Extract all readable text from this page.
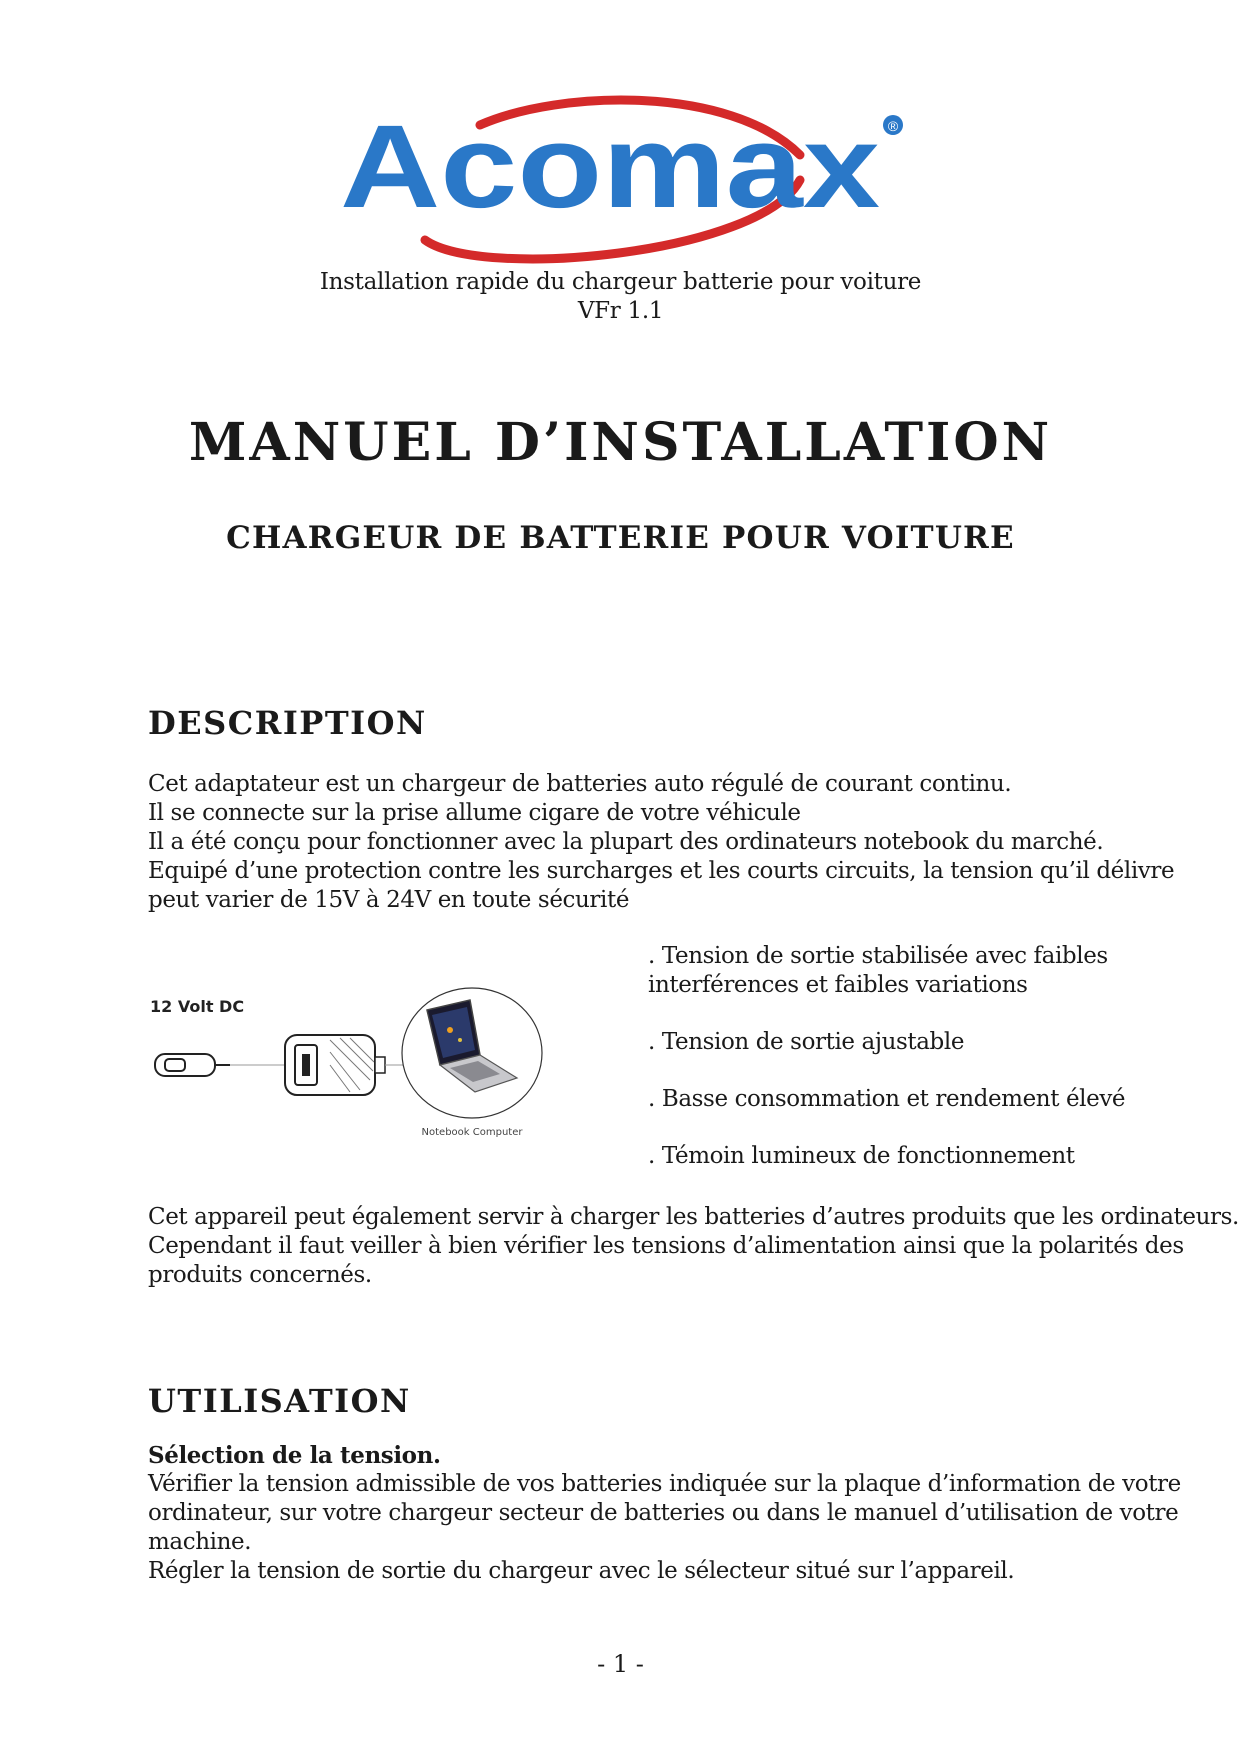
Acomax ®
Installation rapide du chargeur batterie pour voiture
VFr 1.1
MANUEL D’INSTALLATION
CHARGEUR DE BATTERIE POUR VOITURE
DESCRIPTION
Cet adaptateur est un chargeur de batteries auto régulé de courant continu.
Il se connecte sur la prise allume cigare de votre véhicule
Il a été conçu pour fonctionner avec la plupart des ordinateurs notebook du marché.
Equipé d’une protection contre les surcharges et les courts circuits, la tension qu’il délivre
peut varier de 15V à 24V en toute sécurité
12 Volt DC
Notebook Computer
. Tension de sortie stabilisée avec faibles
interférences et faibles variations
. Tension de sortie ajustable
. Basse consommation et rendement élevé
. Témoin lumineux de fonctionnement
Cet appareil peut également servir à charger les batteries d’autres produits que les ordinateurs.
Cependant il faut veiller à bien vérifier les tensions d’alimentation ainsi que la polarités des
produits concernés.
UTILISATION
Sélection de la tension.
Vérifier la tension admissible de vos batteries indiquée sur la plaque d’information de votre
ordinateur, sur votre chargeur secteur de batteries ou dans le manuel d’utilisation de votre
machine.
Régler la tension de sortie du chargeur avec le sélecteur situé sur l’appareil.
- 1 -
